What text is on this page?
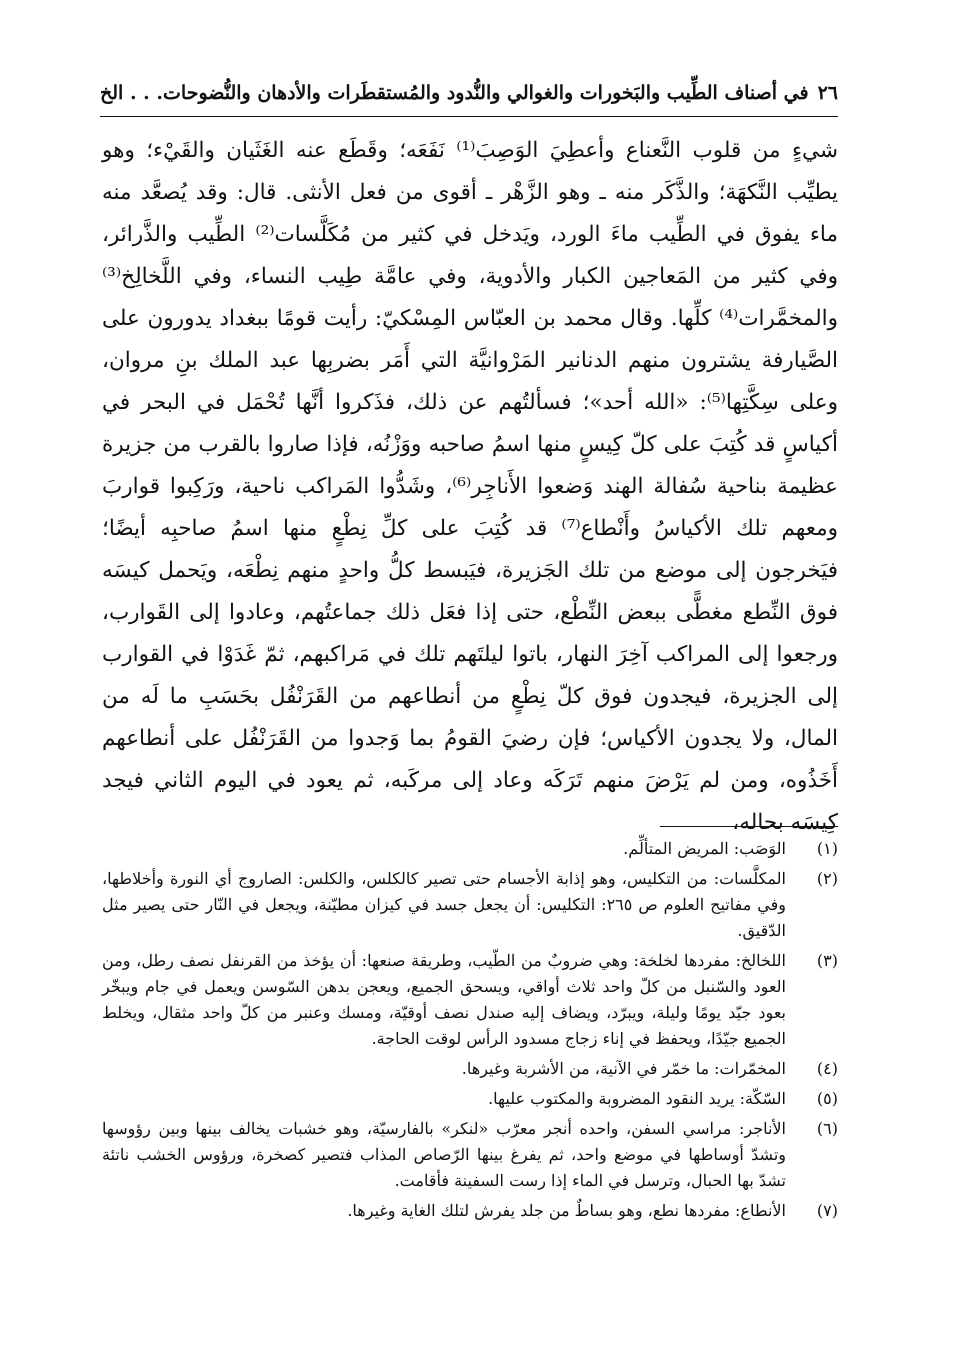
٢٦
في أصناف الطِّيب والبَخورات والغوالي والنُّدود والمُستقطَرات والأدهان والنُّضوحات. . . الخ

شيءٍ من قلوب النَّعناع وأعطِيَ الوَصِبَ⁽¹⁾ نَفَعَه؛ وقَطَع عنه الغَثَيان والقَيْء؛ وهو يطيِّب النَّكهَة؛ والذَّكَر منه ـ وهو الزَّهْر ـ أقوى من فعل الأنثى. قال: وقد يُصعَّد منه ماء يفوق في الطِّيب ماءَ الورد، ويَدخل في كثير من مُكَلَّسات⁽²⁾ الطِّيب والذَّرائر، وفي كثير من المَعاجين الكبار والأدوية، وفي عامَّة طِيب النساء، وفي اللَّخالِخ⁽³⁾ والمخمَّرات⁽⁴⁾ كلِّها. وقال محمد بن العبّاس المِسْكيّ: رأيت قومًا ببغداد يدورون على الصَّيارفة يشترون منهم الدنانير المَرْوانيَّة التي أَمَر بضربِها عبد الملك بنِ مروان، وعلى سِكَّتِها⁽⁵⁾: «الله أحد»؛ فسألتُهم عن ذلك، فذَكروا أنَّها تُحْمَل في البحر في أكياسٍ قد كُتِبَ على كلّ كِيسٍ منها اسمُ صاحبه ووَزْنُه، فإذا صاروا بالقرب من جزيرة عظيمة بناحية سُفالة الهند وَضعوا الأَناجِر⁽⁶⁾، وشَدُّوا المَراكب ناحية، ورَكِبوا قواربَ ومعهم تلك الأكياسُ وأَنْطاع⁽⁷⁾ قد كُتِبَ على كلِّ نِطْعٍ منها اسمُ صاحبِه أيضًا؛ فيَخرجون إلى موضع من تلك الجَزيرة، فيَبسط كلُّ واحدٍ منهم نِطْعَه، ويَحمل كيسَه فوق النِّطع مغطًّى ببعض النِّطْع، حتى إذا فعَل ذلك جماعتُهم، وعادوا إلى القَوارب، ورجعوا إلى المراكب آخِرَ النهار، باتوا ليلتَهم تلك في مَراكبهم، ثمّ غَدَوْا في القوارب إلى الجزيرة، فيجدون فوق كلّ نِطْعٍ من أنطاعهم من القَرَنْفُل بحَسَبِ ما لَه من المال، ولا يجدون الأكياس؛ فإن رضيَ القومُ بما وَجدوا من القَرَنْفُل على أنطاعهم أَخَذُوه، ومن لم يَرْضَ منهم تَرَكَه وعاد إلى مركَبه، ثم يعود في اليوم الثاني فيجد كِيسَه بحاله،

(١)
الوَصَب: المريض المتألِّم.
(٢)
المكلَّسات: من التكليس، وهو إذابة الأجسام حتى تصير كالكلس، والكلس: الصاروج أي النورة وأخلاطها، وفي مفاتيح العلوم ص ٢٦٥: التكليس: أن يجعل جسد في كيزان مطيّنة، ويجعل في النّار حتى يصير مثل الدّقيق.
(٣)
اللخالخ: مفردها لخلخة: وهي ضروبٌ من الطّيب، وطريقة صنعها: أن يؤخذ من القرنفل نصف رطل، ومن العود والسّنبل من كلّ واحد ثلاث أواقي، ويسحق الجميع، ويعجن بدهن السّوسن ويعمل في جام ويبخّر بعود جيّد يومًا وليلة، ويبرّد، ويضاف إليه صندل نصف أوقيّة، ومسك وعنبر من كلّ واحد مثقال، ويخلط الجميع جيّدًا، ويحفظ في إناء زجاج مسدود الرأس لوقت الحاجة.
(٤)
المخمّرات: ما خمّر في الآنية، من الأشربة وغيرها.
(٥)
السّكّة: يريد النقود المضروبة والمكتوب عليها.
(٦)
الأناجر: مراسي السفن، واحده أنجر معرّب «لنكر» بالفارسيّة، وهو خشبات يخالف بينها وبين رؤوسها وتشدّ أوساطها في موضع واحد، ثم يفرغ بينها الرّصاص المذاب فتصير كصخرة، ورؤوس الخشب ناتئة تشدّ بها الحبال، وترسل في الماء إذا رست السفينة فأقامت.
(٧)
الأنطاع: مفردها نطع، وهو بساطٌ من جلد يفرش لتلك الغاية وغيرها.
